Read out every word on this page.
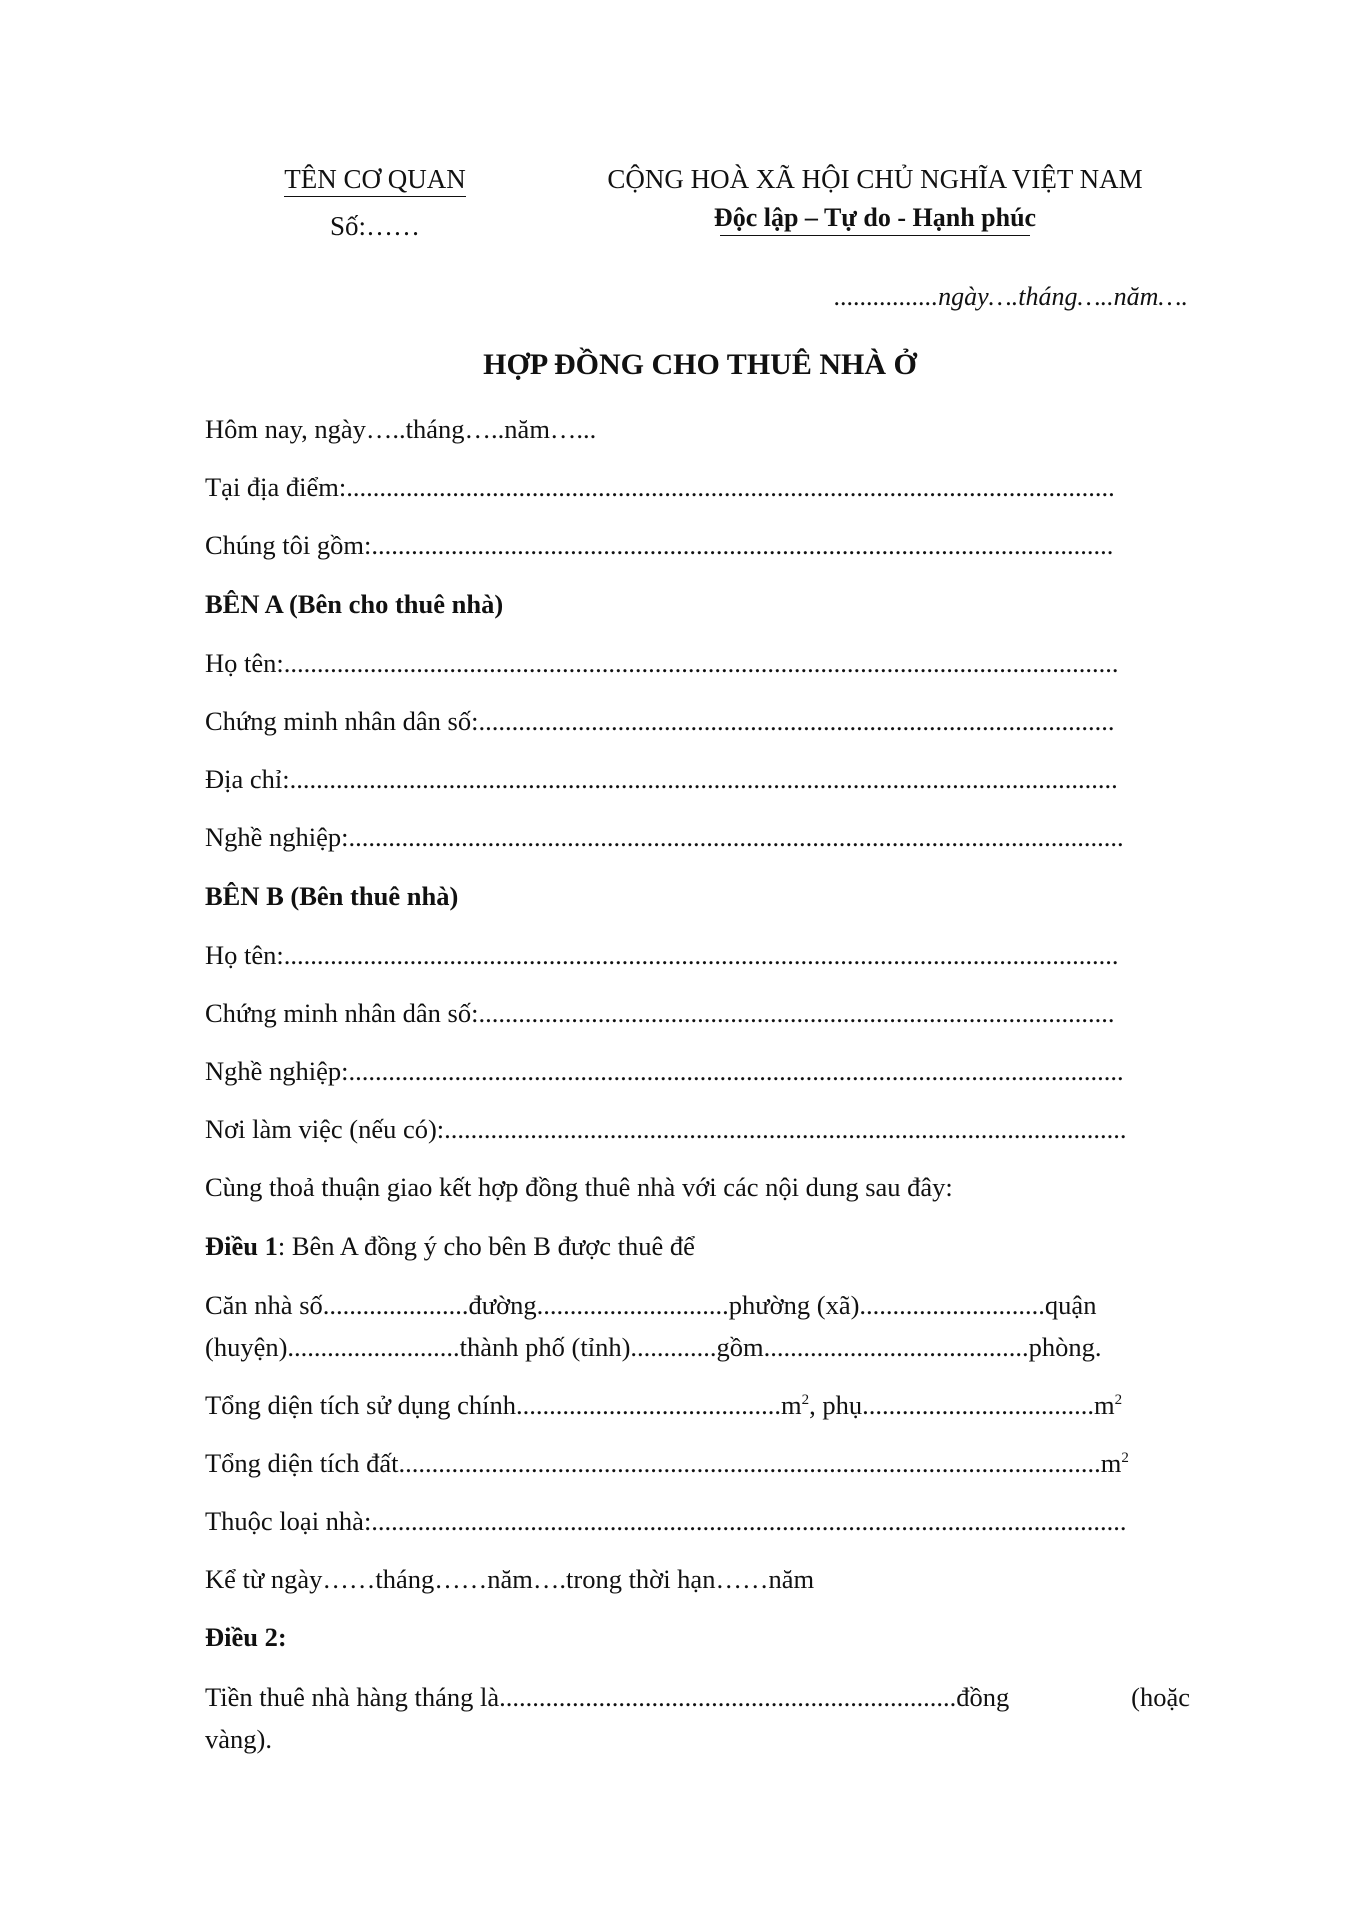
TÊN CƠ QUAN
Số:……
CỘNG HOÀ XÃ HỘI CHỦ NGHĨA VIỆT NAM
Độc lập – Tự do - Hạnh phúc
................ngày….tháng…..năm….
HỢP ĐỒNG CHO THUÊ NHÀ Ở
Hôm nay, ngày…..tháng…..năm…...
Tại địa điểm:....................................................................................................................
Chúng tôi gồm:................................................................................................................
BÊN A (Bên cho thuê nhà)
Họ tên:..............................................................................................................................
Chứng minh nhân dân số:................................................................................................
Địa chỉ:.............................................................................................................................
Nghề nghiệp:.....................................................................................................................
BÊN B (Bên thuê nhà)
Họ tên:..............................................................................................................................
Chứng minh nhân dân số:................................................................................................
Nghề nghiệp:.....................................................................................................................
Nơi làm việc (nếu có):.......................................................................................................
Cùng thoả thuận giao kết hợp đồng thuê nhà với các nội dung sau đây:
Điều 1: Bên A đồng ý cho bên B được thuê để
Căn nhà số......................đường.............................phường (xã)............................quận
(huyện)..........................thành phố (tỉnh).............gồm........................................phòng.
Tổng diện tích sử dụng $chính........................................m^2$, $phụ...................................m^2$
Tổng diện tích $đất..........................................................................................................m^2$
Thuộc loại nhà:..................................................................................................................
Kể từ ngày……tháng……năm….trong thời hạn……năm
Điều 2:
Tiền thuê nhà hàng tháng là.....................................................................đồng	(hoặc
vàng).
